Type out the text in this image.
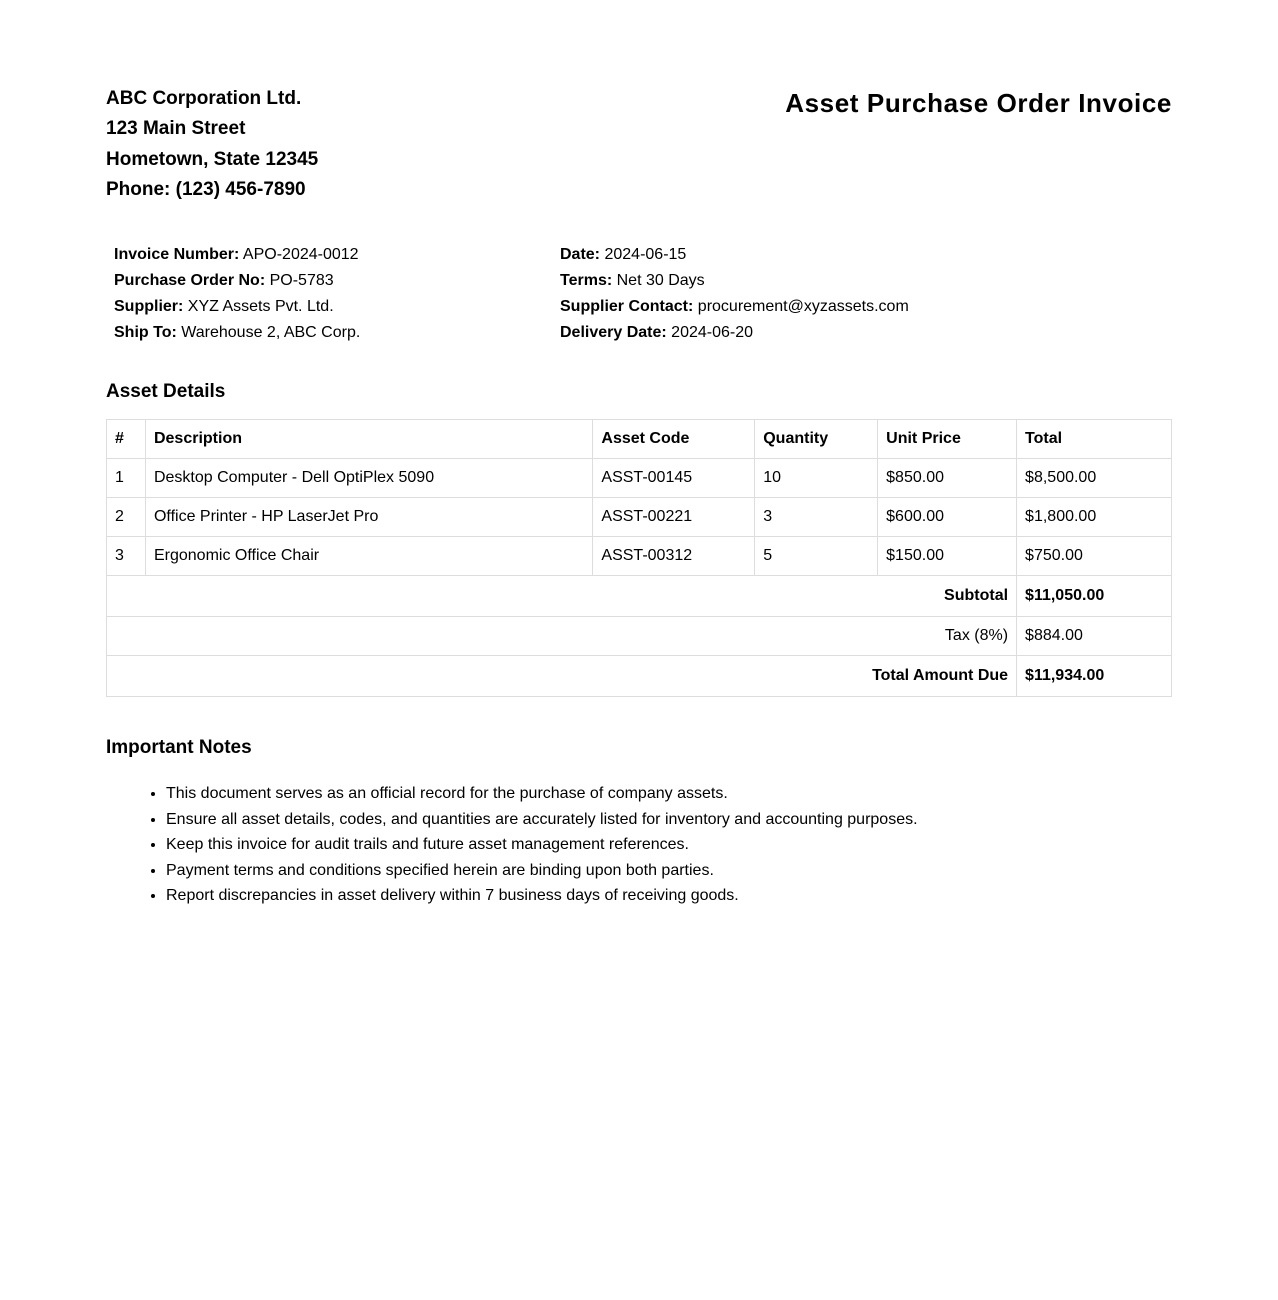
ABC Corporation Ltd.
123 Main Street
Hometown, State 12345
Phone: (123) 456-7890
Asset Purchase Order Invoice
Invoice Number: APO-2024-0012
Purchase Order No: PO-5783
Supplier: XYZ Assets Pvt. Ltd.
Ship To: Warehouse 2, ABC Corp.
Date: 2024-06-15
Terms: Net 30 Days
Supplier Contact: procurement@xyzassets.com
Delivery Date: 2024-06-20
Asset Details
#	Description	Asset Code	Quantity	Unit Price	Total
1	Desktop Computer - Dell OptiPlex 5090	ASST-00145	10	$850.00	$8,500.00
2	Office Printer - HP LaserJet Pro	ASST-00221	3	$600.00	$1,800.00
3	Ergonomic Office Chair	ASST-00312	5	$150.00	$750.00
Subtotal					$11,050.00
Tax (8%)					$884.00
Total Amount Due					$11,934.00
Important Notes
• This document serves as an official record for the purchase of company assets.
• Ensure all asset details, codes, and quantities are accurately listed for inventory and accounting purposes.
• Keep this invoice for audit trails and future asset management references.
• Payment terms and conditions specified herein are binding upon both parties.
• Report discrepancies in asset delivery within 7 business days of receiving goods.
